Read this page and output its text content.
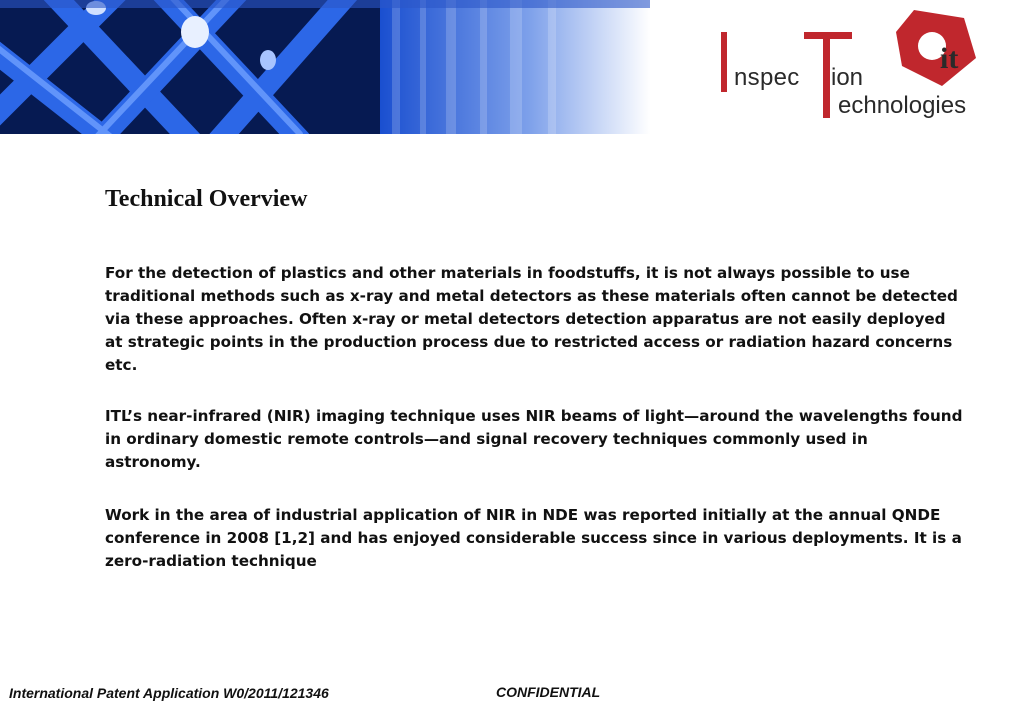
nspec ion
echnologies
it
Technical Overview

For the detection of plastics and other materials in foodstuffs, it is not always possible to use traditional methods such as x-ray and metal detectors as these materials often cannot be detected via these approaches. Often x-ray or metal detectors detection apparatus are not easily deployed at strategic points in the production process due to restricted access or radiation hazard concerns etc.

ITL’s near-infrared (NIR) imaging technique uses NIR beams of light—around the wavelengths found in ordinary domestic remote controls—and signal recovery techniques commonly used in astronomy.

Work in the area of industrial application of NIR in NDE was reported initially at the annual QNDE conference in 2008 [1,2] and has enjoyed considerable success since in various deployments. It is a zero-radiation technique

International Patent Application W0/2011/121346	CONFIDENTIAL
